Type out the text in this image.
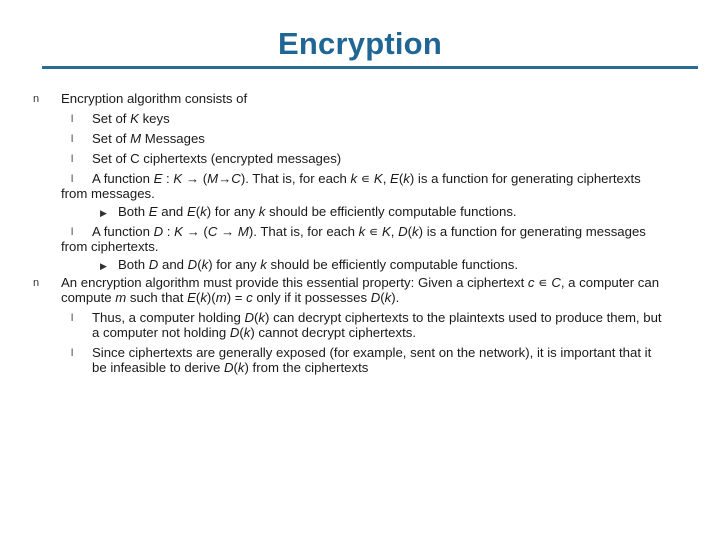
Encryption
n Encryption algorithm consists of
l Set of K keys
l Set of M Messages
l Set of C ciphertexts (encrypted messages)
l A function E : K → (M→C). That is, for each k ∊ K, E(k) is a function for generating ciphertexts
from messages.
▶ Both E and E(k) for any k should be efficiently computable functions.
l A function D : K → (C → M). That is, for each k ∊ K, D(k) is a function for generating messages
from ciphertexts.
▶ Both D and D(k) for any k should be efficiently computable functions.
n An encryption algorithm must provide this essential property: Given a ciphertext c ∊ C, a computer can
compute m such that E(k)(m) = c only if it possesses D(k).
l Thus, a computer holding D(k) can decrypt ciphertexts to the plaintexts used to produce them, but
a computer not holding D(k) cannot decrypt ciphertexts.
l Since ciphertexts are generally exposed (for example, sent on the network), it is important that it
be infeasible to derive D(k) from the ciphertexts
